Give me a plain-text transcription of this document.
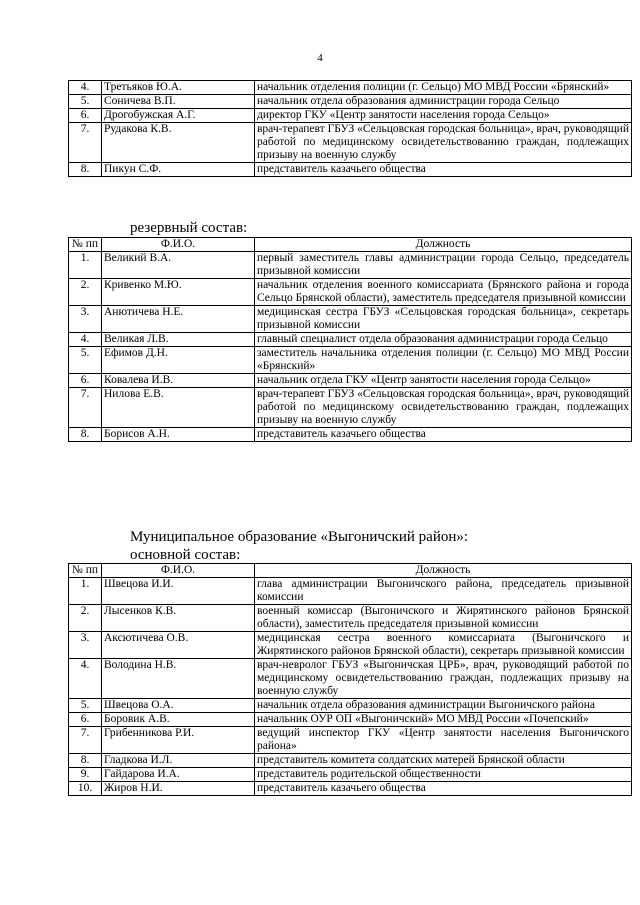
4
4.	Третьяков Ю.А.	начальник отделения полиции (г. Сельцо) МО МВД России «Брянский»
5.	Соничева В.П.	начальник отдела образования администрации города Сельцо
6.	Дрогобужская А.Г.	директор ГКУ «Центр занятости населения города Сельцо»
7.	Рудакова К.В.	врач-терапевт ГБУЗ «Сельцовская городская больница», врач, руководящий работой по медицинскому освидетельствованию граждан, подлежащих призыву на военную службу
8.	Пикун С.Ф.	представитель казачьего общества
резервный состав:
№ пп	Ф.И.О.	Должность
1.	Великий В.А.	первый заместитель главы администрации города Сельцо, председатель призывной комиссии
2.	Кривенко М.Ю.	начальник отделения военного комиссариата (Брянского района и города Сельцо Брянской области), заместитель председателя призывной комиссии
3.	Анютичева Н.Е.	медицинская сестра ГБУЗ «Сельцовская городская больница», секретарь призывной комиссии
4.	Великая Л.В.	главный специалист отдела образования администрации города Сельцо
5.	Ефимов Д.Н.	заместитель начальника отделения полиции (г. Сельцо) МО МВД России «Брянский»
6.	Ковалева И.В.	начальник отдела ГКУ «Центр занятости населения города Сельцо»
7.	Нилова Е.В.	врач-терапевт ГБУЗ «Сельцовская городская больница», врач, руководящий работой по медицинскому освидетельствованию граждан, подлежащих призыву на военную службу
8.	Борисов А.Н.	представитель казачьего общества
Муниципальное образование «Выгоничский район»:
основной состав:
№ пп	Ф.И.О.	Должность
1.	Швецова И.И.	глава администрации Выгоничского района, председатель призывной комиссии
2.	Лысенков К.В.	военный комиссар (Выгоничского и Жирятинского районов Брянской области), заместитель председателя призывной комиссии
3.	Аксютичева О.В.	медицинская сестра военного комиссариата (Выгоничского и Жирятинского районов Брянской области), секретарь призывной комиссии
4.	Володина Н.В.	врач-невролог ГБУЗ «Выгоничская ЦРБ», врач, руководящий работой по медицинскому освидетельствованию граждан, подлежащих призыву на военную службу
5.	Швецова О.А.	начальник отдела образования администрации Выгоничского района
6.	Боровик А.В.	начальник ОУР ОП «Выгоничский» МО МВД России «Почепский»
7.	Грибенникова Р.И.	ведущий инспектор ГКУ «Центр занятости населения Выгоничского района»
8.	Гладкова И.Л.	представитель комитета солдатских матерей Брянской области
9.	Гайдарова И.А.	представитель родительской общественности
10.	Жиров Н.И.	представитель казачьего общества
